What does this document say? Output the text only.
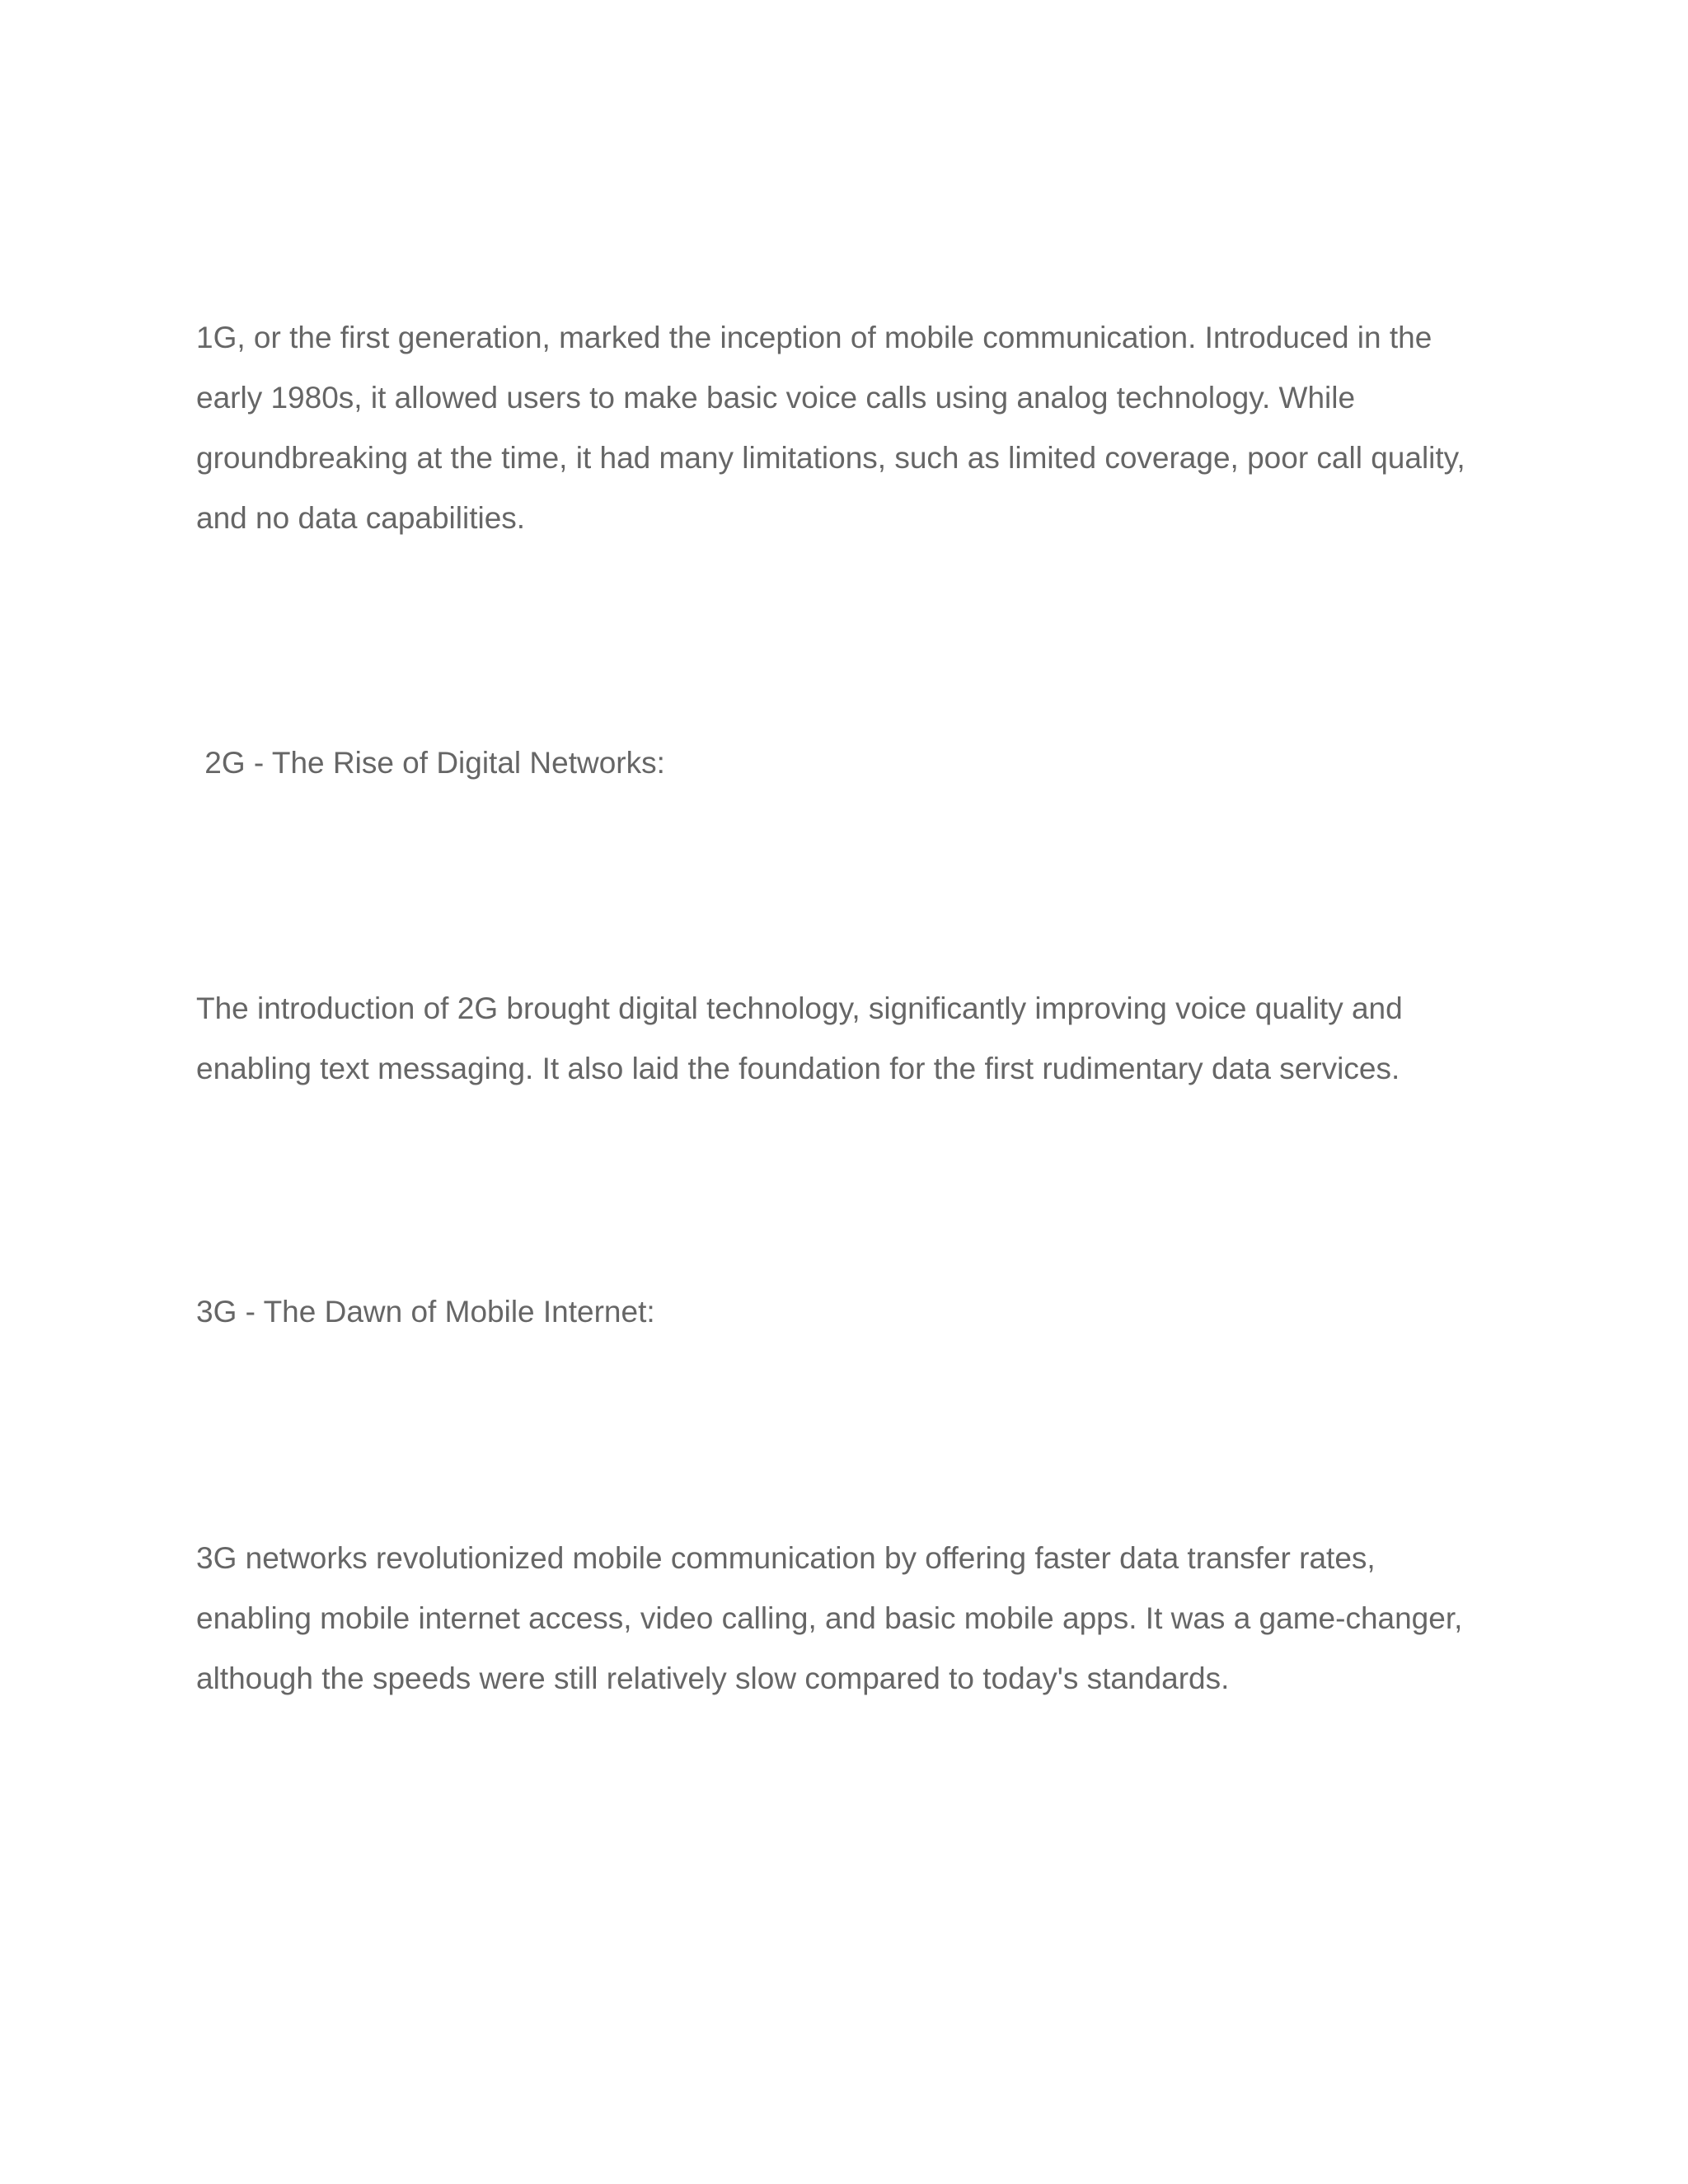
1G, or the first generation, marked the inception of mobile communication. Introduced in the early 1980s, it allowed users to make basic voice calls using analog technology. While groundbreaking at the time, it had many limitations, such as limited coverage, poor call quality, and no data capabilities.

2G - The Rise of Digital Networks:

The introduction of 2G brought digital technology, significantly improving voice quality and enabling text messaging. It also laid the foundation for the first rudimentary data services.

3G - The Dawn of Mobile Internet:

3G networks revolutionized mobile communication by offering faster data transfer rates, enabling mobile internet access, video calling, and basic mobile apps. It was a game-changer, although the speeds were still relatively slow compared to today's standards.
